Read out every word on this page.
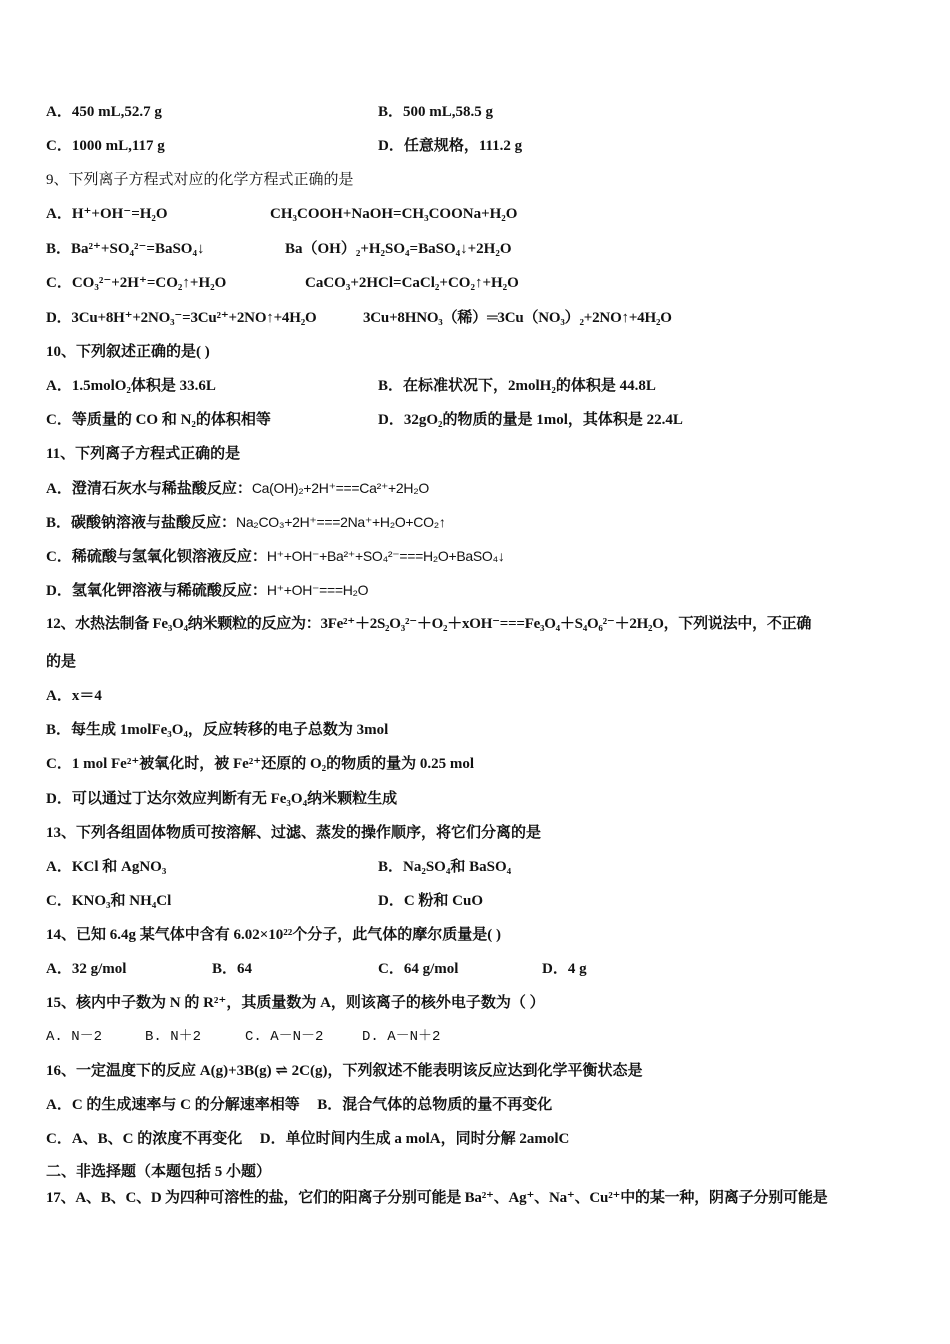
A．450 mL,52.7 g	B．500 mL,58.5 g
C．1000 mL,117 g	D．任意规格，111.2 g
9、下列离子方程式对应的化学方程式正确的是
A．H⁺+OH⁻=H₂O	CH₃COOH+NaOH=CH₃COONa+H₂O
B．Ba²⁺+SO₄²⁻=BaSO₄↓	Ba（OH）₂+H₂SO₄=BaSO₄↓+2H₂O
C．CO₃²⁻+2H⁺=CO₂↑+H₂O	CaCO₃+2HCl=CaCl₂+CO₂↑+H₂O
D．3Cu+8H⁺+2NO₃⁻=3Cu²⁺+2NO↑+4H₂O	3Cu+8HNO₃（稀）═3Cu（NO₃）₂+2NO↑+4H₂O
10、下列叙述正确的是( )
A．1.5molO₂体积是 33.6L	B．在标准状况下，2molH₂的体积是 44.8L
C．等质量的 CO 和 N₂的体积相等	D．32gO₂的物质的量是 1mol，其体积是 22.4L
11、下列离子方程式正确的是
A．澄清石灰水与稀盐酸反应：Ca(OH)₂+2H⁺===Ca²⁺+2H₂O
B．碳酸钠溶液与盐酸反应：Na₂CO₃+2H⁺===2Na⁺+H₂O+CO₂↑
C．稀硫酸与氢氧化钡溶液反应：H⁺+OH⁻+Ba²⁺+SO₄²⁻===H₂O+BaSO₄↓
D．氢氧化钾溶液与稀硫酸反应：H⁺+OH⁻===H₂O
12、水热法制备 Fe₃O₄纳米颗粒的反应为：3Fe²⁺＋2S₂O₃²⁻＋O₂＋xOH⁻===Fe₃O₄＋S₄O₆²⁻＋2H₂O，下列说法中，不正确
的是
A．x＝4
B．每生成 1molFe₃O₄，反应转移的电子总数为 3mol
C．1 mol Fe²⁺被氧化时，被 Fe²⁺还原的 O₂的物质的量为 0.25 mol
D．可以通过丁达尔效应判断有无 Fe₃O₄纳米颗粒生成
13、下列各组固体物质可按溶解、过滤、蒸发的操作顺序，将它们分离的是
A．KCl 和 AgNO₃	B．Na₂SO₄和 BaSO₄
C．KNO₃和 NH₄Cl	D．C 粉和 CuO
14、已知 6.4g 某气体中含有 6.02×10²²个分子，此气体的摩尔质量是( )
A．32 g/mol	B．64	C．64 g/mol	D．4 g
15、核内中子数为 N 的 R²⁺，其质量数为 A，则该离子的核外电子数为（ ）
A. N－2	B. N＋2	C. A－N－2	D. A－N＋2
16、一定温度下的反应 A(g)+3B(g) ⇌ 2C(g)，下列叙述不能表明该反应达到化学平衡状态是
A．C 的生成速率与 C 的分解速率相等 B．混合气体的总物质的量不再变化
C．A、B、C 的浓度不再变化 D．单位时间内生成 a molA，同时分解 2amolC
二、非选择题（本题包括 5 小题）
17、A、B、C、D 为四种可溶性的盐，它们的阳离子分别可能是 Ba²⁺、Ag⁺、Na⁺、Cu²⁺中的某一种，阴离子分别可能是
